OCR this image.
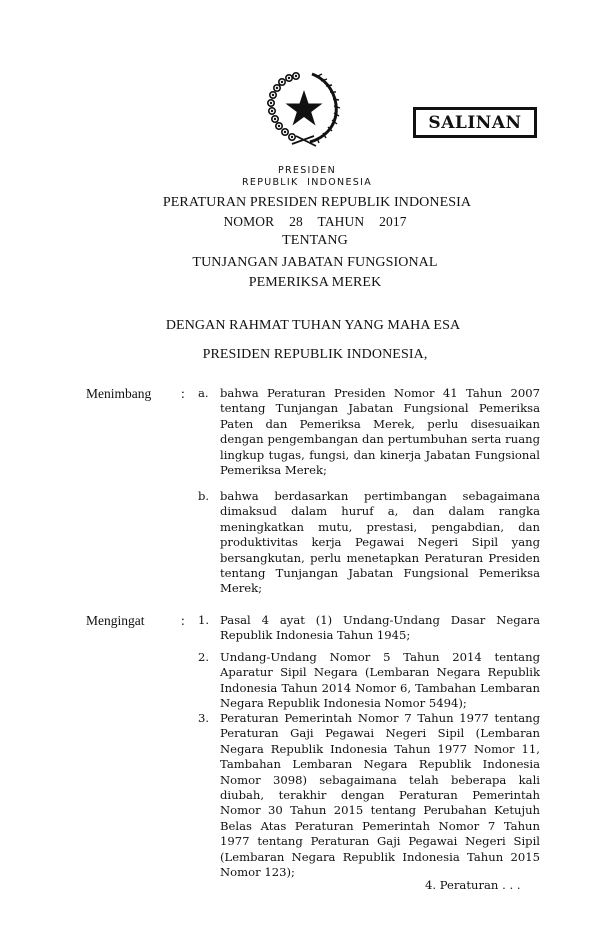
SALINAN
PRESIDEN
REPUBLIK  INDONESIA
PERATURAN PRESIDEN REPUBLIK INDONESIA
NOMOR  28  TAHUN  2017
TENTANG
TUNJANGAN JABATAN FUNGSIONAL
PEMERIKSA MEREK
DENGAN RAHMAT TUHAN YANG MAHA ESA
PRESIDEN REPUBLIK INDONESIA,
Menimbang : a. bahwa Peraturan Presiden Nomor 41 Tahun 2007 tentang Tunjangan Jabatan Fungsional Pemeriksa Paten dan Pemeriksa Merek, perlu disesuaikan dengan pengembangan dan pertumbuhan serta ruang lingkup tugas, fungsi, dan kinerja Jabatan Fungsional Pemeriksa Merek;
b. bahwa berdasarkan pertimbangan sebagaimana dimaksud dalam huruf a, dan dalam rangka meningkatkan mutu, prestasi, pengabdian, dan produktivitas kerja Pegawai Negeri Sipil yang bersangkutan, perlu menetapkan Peraturan Presiden tentang Tunjangan Jabatan Fungsional Pemeriksa Merek;
Mengingat	: 1. Pasal 4 ayat (1) Undang-Undang Dasar Negara Republik Indonesia Tahun 1945;
2. Undang-Undang Nomor 5 Tahun 2014 tentang Aparatur Sipil Negara (Lembaran Negara Republik Indonesia Tahun 2014 Nomor 6, Tambahan Lembaran Negara Republik Indonesia Nomor 5494);
3. Peraturan Pemerintah Nomor 7 Tahun 1977 tentang Peraturan Gaji Pegawai Negeri Sipil (Lembaran Negara Republik Indonesia Tahun 1977 Nomor 11, Tambahan Lembaran Negara Republik Indonesia Nomor 3098) sebagaimana telah beberapa kali diubah, terakhir dengan Peraturan Pemerintah Nomor 30 Tahun 2015 tentang Perubahan Ketujuh Belas Atas Peraturan Pemerintah Nomor 7 Tahun 1977 tentang Peraturan Gaji Pegawai Negeri Sipil (Lembaran Negara Republik Indonesia Tahun 2015 Nomor 123);
4. Peraturan . . .
